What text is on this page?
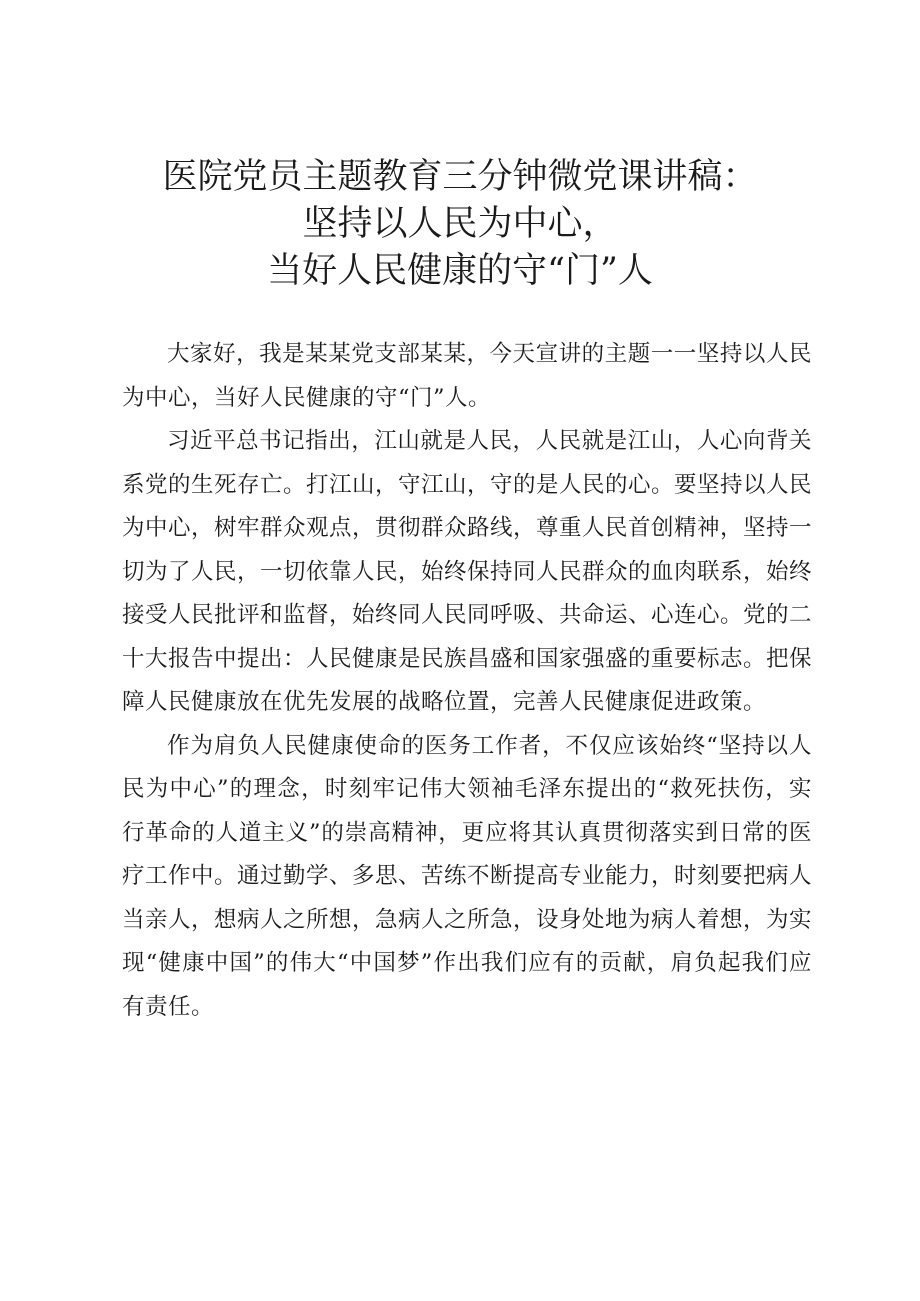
医院党员主题教育三分钟微党课讲稿：
坚持以人民为中心，
当好人民健康的守“门”人

大家好，我是某某党支部某某，今天宣讲的主题一一坚持以人民为中心，当好人民健康的守“门”人。

习近平总书记指出，江山就是人民，人民就是江山，人心向背关系党的生死存亡。打江山，守江山，守的是人民的心。要坚持以人民为中心，树牢群众观点，贯彻群众路线，尊重人民首创精神，坚持一切为了人民，一切依靠人民，始终保持同人民群众的血肉联系，始终接受人民批评和监督，始终同人民同呼吸、共命运、心连心。党的二十大报告中提出：人民健康是民族昌盛和国家强盛的重要标志。把保障人民健康放在优先发展的战略位置，完善人民健康促进政策。

作为肩负人民健康使命的医务工作者，不仅应该始终“坚持以人民为中心”的理念，时刻牢记伟大领袖毛泽东提出的“救死扶伤，实行革命的人道主义”的崇高精神，更应将其认真贯彻落实到日常的医疗工作中。通过勤学、多思、苦练不断提高专业能力，时刻要把病人当亲人，想病人之所想，急病人之所急，设身处地为病人着想，为实现“健康中国”的伟大“中国梦”作出我们应有的贡献，肩负起我们应有责任。
